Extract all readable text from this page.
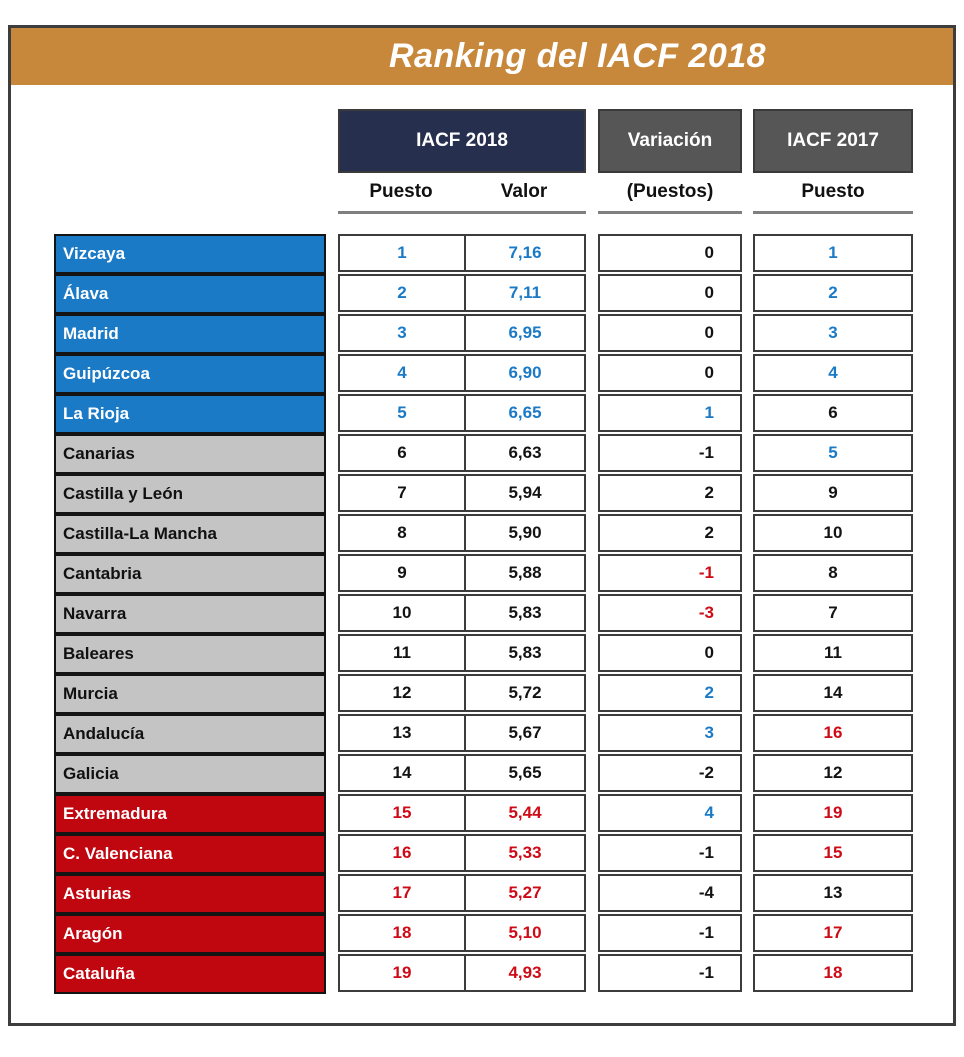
Ranking del IACF 2018
IACF 2018	Variación	IACF 2017
Puesto	Valor	(Puestos)	Puesto
Vizcaya	1	7,16	0	1
Álava	2	7,11	0	2
Madrid	3	6,95	0	3
Guipúzcoa	4	6,90	0	4
La Rioja	5	6,65	1	6
Canarias	6	6,63	-1	5
Castilla y León	7	5,94	2	9
Castilla-La Mancha	8	5,90	2	10
Cantabria	9	5,88	-1	8
Navarra	10	5,83	-3	7
Baleares	11	5,83	0	11
Murcia	12	5,72	2	14
Andalucía	13	5,67	3	16
Galicia	14	5,65	-2	12
Extremadura	15	5,44	4	19
C. Valenciana	16	5,33	-1	15
Asturias	17	5,27	-4	13
Aragón	18	5,10	-1	17
Cataluña	19	4,93	-1	18
